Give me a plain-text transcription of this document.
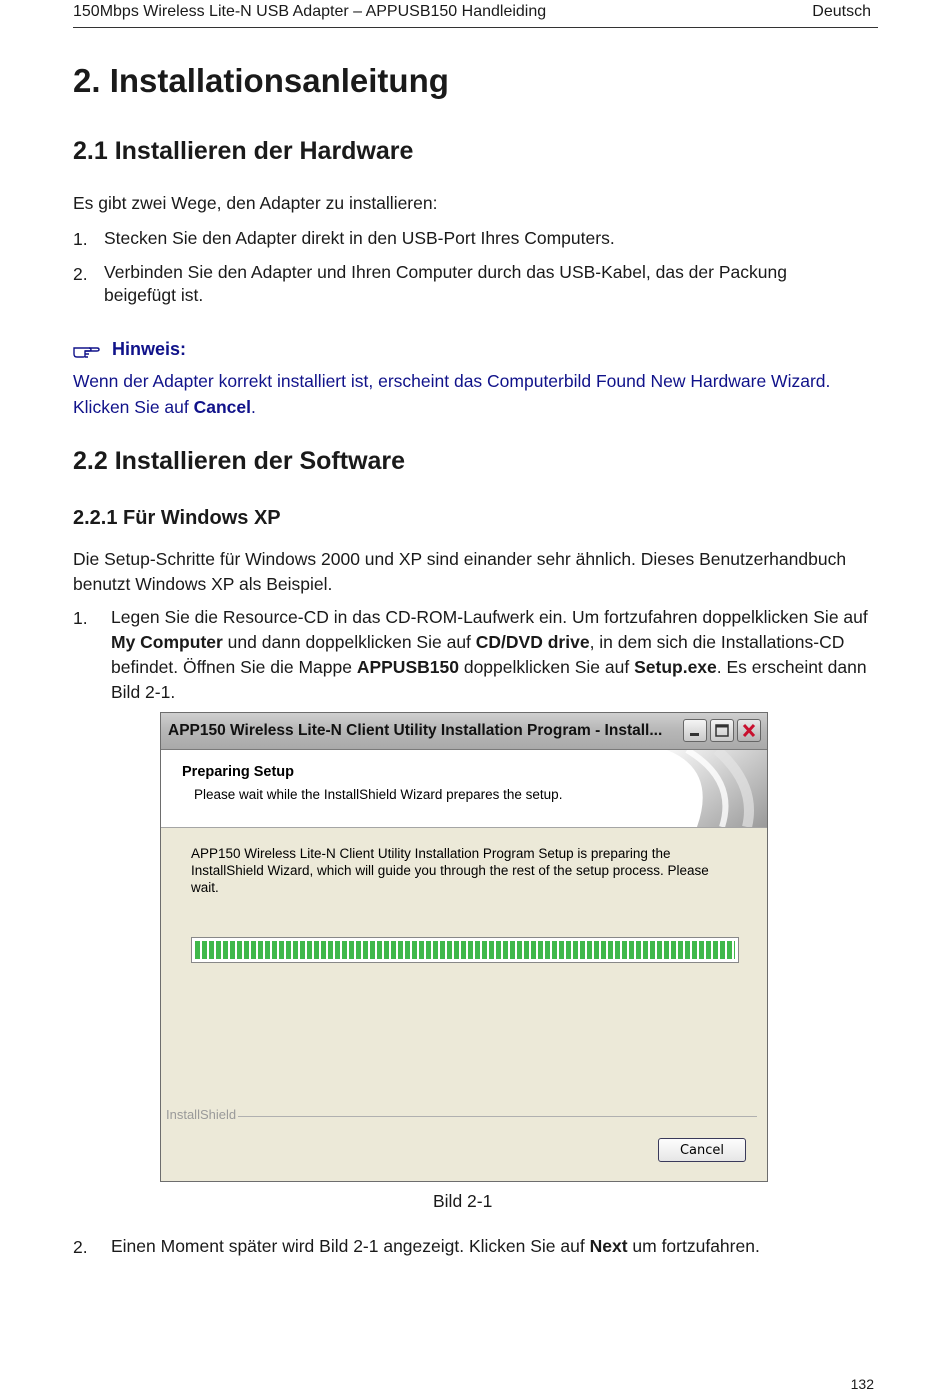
150Mbps Wireless Lite-N USB Adapter – APPUSB150 Handleiding	Deutsch
2. Installationsanleitung
2.1 Installieren der Hardware

Es gibt zwei Wege, den Adapter zu installieren:

1. Stecken Sie den Adapter direkt in den USB-Port Ihres Computers.
2. Verbinden Sie den Adapter und Ihren Computer durch das USB-Kabel, das der Packung beigefügt ist.
Hinweis:
Wenn der Adapter korrekt installiert ist, erscheint das Computerbild Found New Hardware Wizard. Klicken Sie auf Cancel.
2.2 Installieren der Software
2.2.1 Für Windows XP

Die Setup-Schritte für Windows 2000 und XP sind einander sehr ähnlich. Dieses Benutzerhandbuch benutzt Windows XP als Beispiel.

1. Legen Sie die Resource-CD in das CD-ROM-Laufwerk ein. Um fortzufahren doppelklicken Sie auf My Computer und dann doppelklicken Sie auf CD/DVD drive, in dem sich die Installations-CD befindet. Öffnen Sie die Mappe APPUSB150 doppelklicken Sie auf Setup.exe. Es erscheint dann Bild 2-1.
APP150 Wireless Lite-N Client Utility Installation Program - Install...
Preparing Setup
Please wait while the InstallShield Wizard prepares the setup.
APP150 Wireless Lite-N Client Utility Installation Program Setup is preparing the InstallShield Wizard, which will guide you through the rest of the setup process. Please wait.
InstallShield
Cancel
Bild 2-1
2. Einen Moment später wird Bild 2-1 angezeigt. Klicken Sie auf Next um fortzufahren.
132
